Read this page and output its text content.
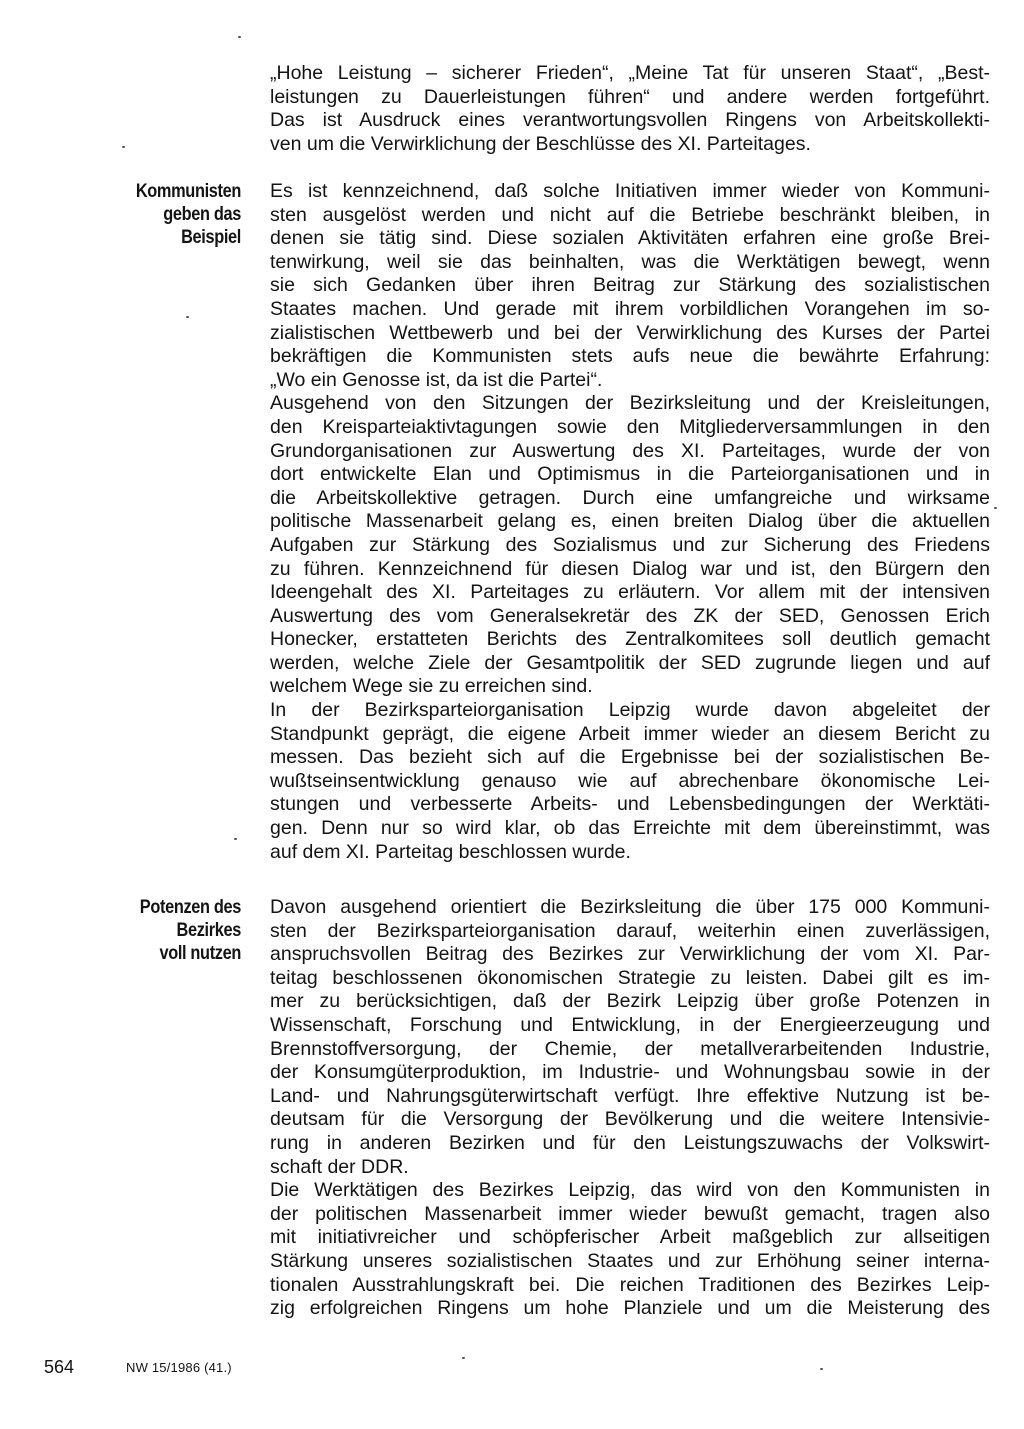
„Hohe Leistung – sicherer Frieden“, „Meine Tat für unseren Staat“, „Best-
leistungen zu Dauerleistungen führen“ und andere werden fortgeführt.
Das ist Ausdruck eines verantwortungsvollen Ringens von Arbeitskollekti-
ven um die Verwirklichung der Beschlüsse des XI. Parteitages.

Kommunisten
geben das
Beispiel

Es ist kennzeichnend, daß solche Initiativen immer wieder von Kommuni-
sten ausgelöst werden und nicht auf die Betriebe beschränkt bleiben, in
denen sie tätig sind. Diese sozialen Aktivitäten erfahren eine große Brei-
tenwirkung, weil sie das beinhalten, was die Werktätigen bewegt, wenn
sie sich Gedanken über ihren Beitrag zur Stärkung des sozialistischen
Staates machen. Und gerade mit ihrem vorbildlichen Vorangehen im so-
zialistischen Wettbewerb und bei der Verwirklichung des Kurses der Partei
bekräftigen die Kommunisten stets aufs neue die bewährte Erfahrung:
„Wo ein Genosse ist, da ist die Partei“.

Ausgehend von den Sitzungen der Bezirksleitung und der Kreisleitungen,
den Kreisparteiaktivtagungen sowie den Mitgliederversammlungen in den
Grundorganisationen zur Auswertung des XI. Parteitages, wurde der von
dort entwickelte Elan und Optimismus in die Parteiorganisationen und in
die Arbeitskollektive getragen. Durch eine umfangreiche und wirksame
politische Massenarbeit gelang es, einen breiten Dialog über die aktuellen
Aufgaben zur Stärkung des Sozialismus und zur Sicherung des Friedens
zu führen. Kennzeichnend für diesen Dialog war und ist, den Bürgern den
Ideengehalt des XI. Parteitages zu erläutern. Vor allem mit der intensiven
Auswertung des vom Generalsekretär des ZK der SED, Genossen Erich
Honecker, erstatteten Berichts des Zentralkomitees soll deutlich gemacht
werden, welche Ziele der Gesamtpolitik der SED zugrunde liegen und auf
welchem Wege sie zu erreichen sind.

In der Bezirksparteiorganisation Leipzig wurde davon abgeleitet der
Standpunkt geprägt, die eigene Arbeit immer wieder an diesem Bericht zu
messen. Das bezieht sich auf die Ergebnisse bei der sozialistischen Be-
wußtseinsentwicklung genauso wie auf abrechenbare ökonomische Lei-
stungen und verbesserte Arbeits- und Lebensbedingungen der Werktäti-
gen. Denn nur so wird klar, ob das Erreichte mit dem übereinstimmt, was
auf dem XI. Parteitag beschlossen wurde.

Potenzen des
Bezirkes
voll nutzen

Davon ausgehend orientiert die Bezirksleitung die über 175 000 Kommuni-
sten der Bezirksparteiorganisation darauf, weiterhin einen zuverlässigen,
anspruchsvollen Beitrag des Bezirkes zur Verwirklichung der vom XI. Par-
teitag beschlossenen ökonomischen Strategie zu leisten. Dabei gilt es im-
mer zu berücksichtigen, daß der Bezirk Leipzig über große Potenzen in
Wissenschaft, Forschung und Entwicklung, in der Energieerzeugung und
Brennstoffversorgung, der Chemie, der metallverarbeitenden Industrie,
der Konsumgüterproduktion, im Industrie- und Wohnungsbau sowie in der
Land- und Nahrungsgüterwirtschaft verfügt. Ihre effektive Nutzung ist be-
deutsam für die Versorgung der Bevölkerung und die weitere Intensivie-
rung in anderen Bezirken und für den Leistungszuwachs der Volkswirt-
schaft der DDR.

Die Werktätigen des Bezirkes Leipzig, das wird von den Kommunisten in
der politischen Massenarbeit immer wieder bewußt gemacht, tragen also
mit initiativreicher und schöpferischer Arbeit maßgeblich zur allseitigen
Stärkung unseres sozialistischen Staates und zur Erhöhung seiner interna-
tionalen Ausstrahlungskraft bei. Die reichen Traditionen des Bezirkes Leip-
zig erfolgreichen Ringens um hohe Planziele und um die Meisterung des

564	NW 15/1986 (41.)
